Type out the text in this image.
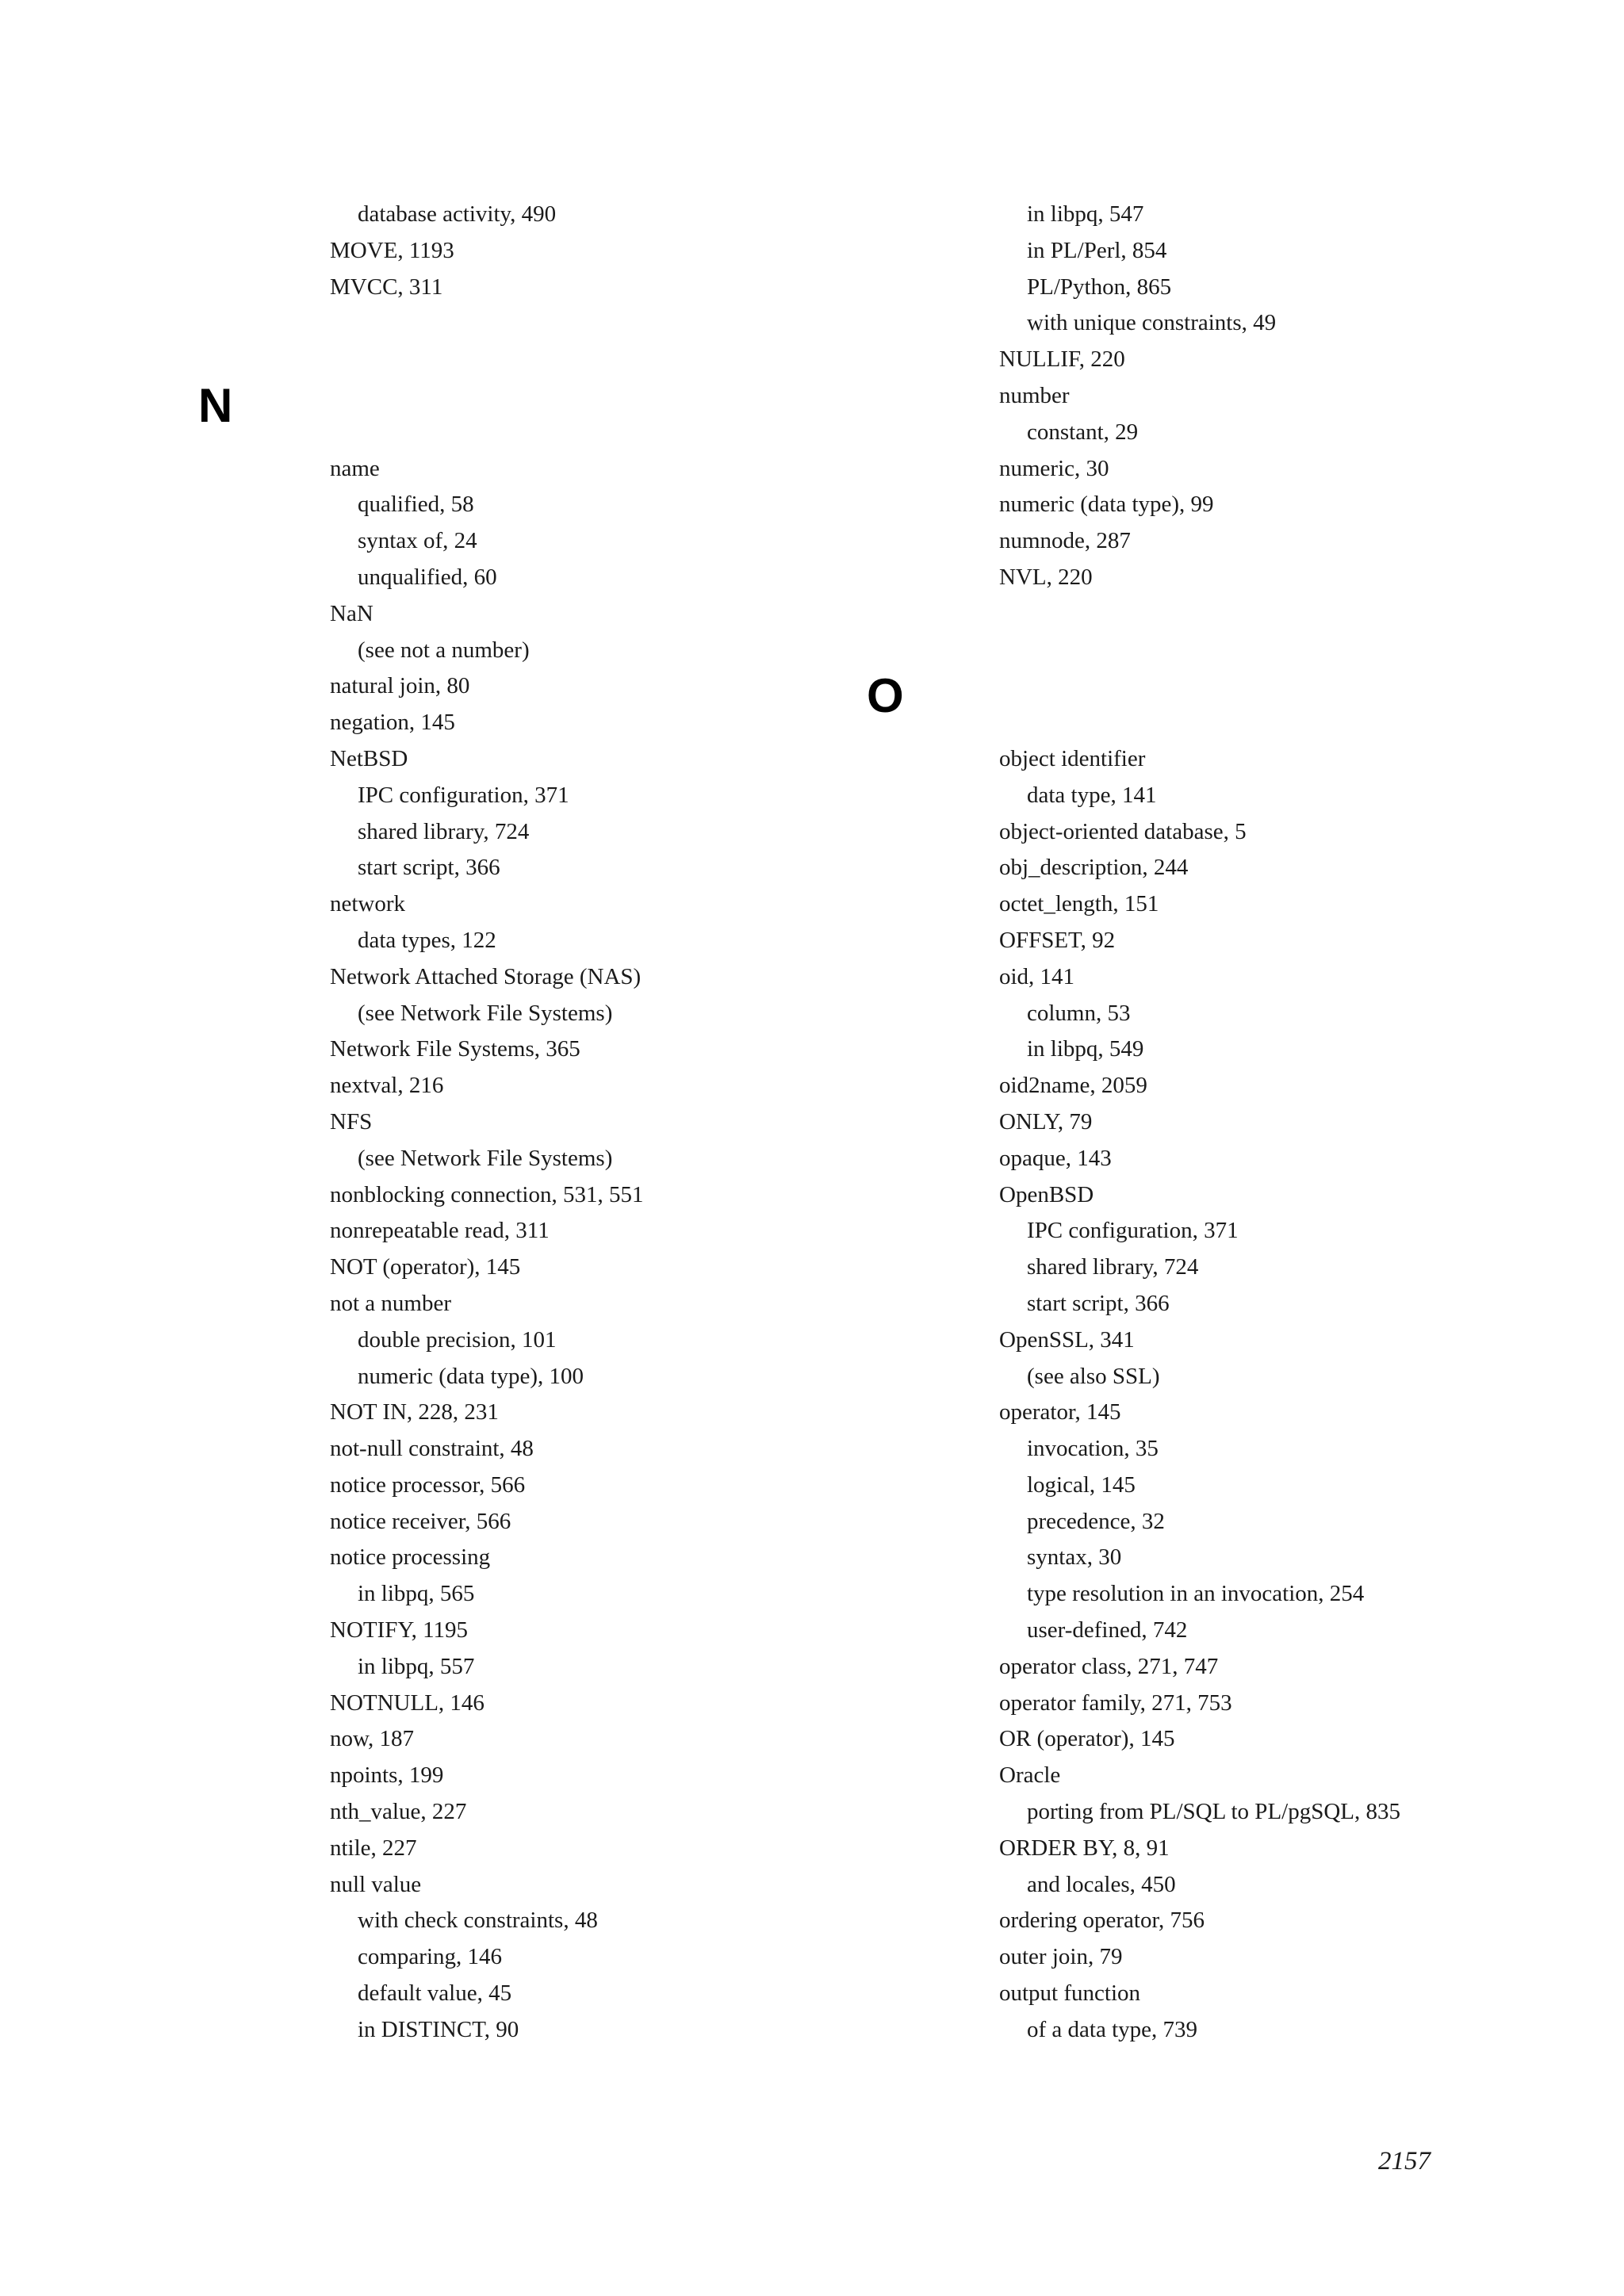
N
O
database activity, 490
MOVE, 1193
MVCC, 311
name
qualified, 58
syntax of, 24
unqualified, 60
NaN
(see not a number)
natural join, 80
negation, 145
NetBSD
IPC configuration, 371
shared library, 724
start script, 366
network
data types, 122
Network Attached Storage (NAS)
(see Network File Systems)
Network File Systems, 365
nextval, 216
NFS
(see Network File Systems)
nonblocking connection, 531, 551
nonrepeatable read, 311
NOT (operator), 145
not a number
double precision, 101
numeric (data type), 100
NOT IN, 228, 231
not-null constraint, 48
notice processor, 566
notice receiver, 566
notice processing
in libpq, 565
NOTIFY, 1195
in libpq, 557
NOTNULL, 146
now, 187
npoints, 199
nth_value, 227
ntile, 227
null value
with check constraints, 48
comparing, 146
default value, 45
in DISTINCT, 90
in libpq, 547
in PL/Perl, 854
PL/Python, 865
with unique constraints, 49
NULLIF, 220
number
constant, 29
numeric, 30
numeric (data type), 99
numnode, 287
NVL, 220
object identifier
data type, 141
object-oriented database, 5
obj_description, 244
octet_length, 151
OFFSET, 92
oid, 141
column, 53
in libpq, 549
oid2name, 2059
ONLY, 79
opaque, 143
OpenBSD
IPC configuration, 371
shared library, 724
start script, 366
OpenSSL, 341
(see also SSL)
operator, 145
invocation, 35
logical, 145
precedence, 32
syntax, 30
type resolution in an invocation, 254
user-defined, 742
operator class, 271, 747
operator family, 271, 753
OR (operator), 145
Oracle
porting from PL/SQL to PL/pgSQL, 835
ORDER BY, 8, 91
and locales, 450
ordering operator, 756
outer join, 79
output function
of a data type, 739
2157
